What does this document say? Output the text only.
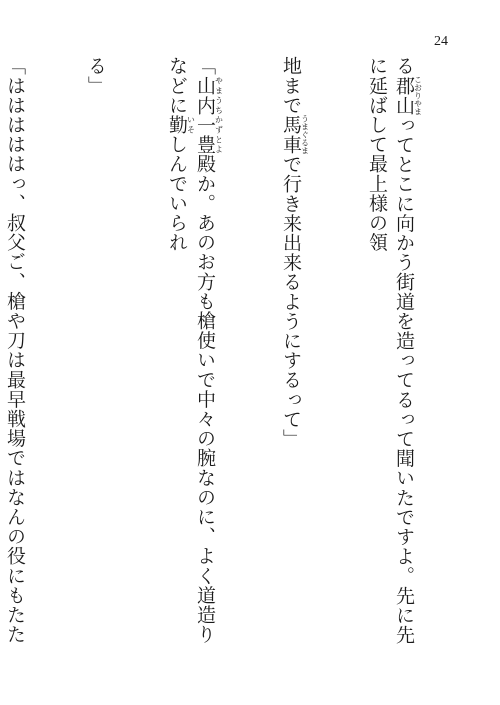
24

る郡山こおりやまってとこに向かう街道を造ってるって聞いたですよ。先に先に延ばして最上様の領

地まで馬車うまぐるまで行き来出来るようにするって」

「山内一豊やまうちかずとよ殿か。あのお方も槍使いで中々の腕なのに、よく道造りなどに勤いそしんでいられ

る」

「はははははっ、叔父ご、槍や刀は最早戦場ではなんの役にもたた
